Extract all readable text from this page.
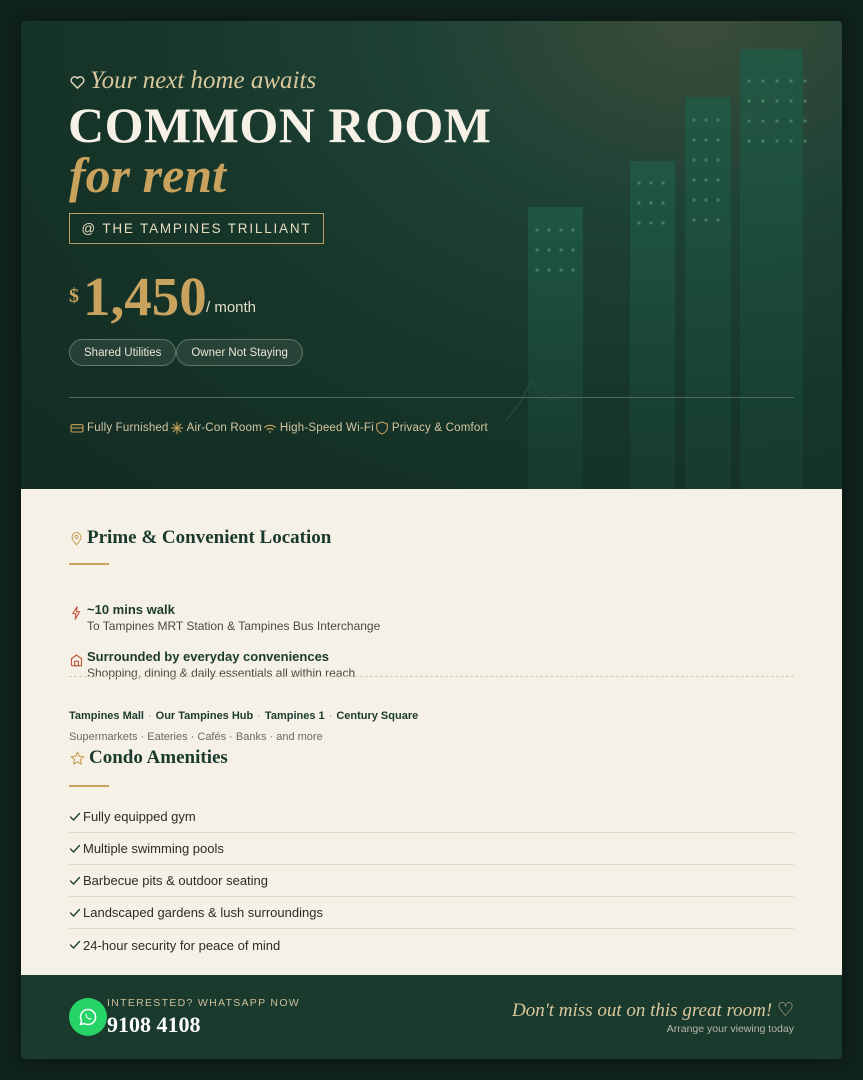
Your next home awaits
COMMON ROOM
for rent
@ THE TAMPINES TRILLIANT
$ 1,450 / month
Shared Utilities	Owner Not Staying
Fully Furnished Air-Con Room High-Speed Wi-Fi Privacy & Comfort
Prime & Convenient Location
~10 mins walk
To Tampines MRT Station & Tampines Bus Interchange
Surrounded by everyday conveniences
Shopping, dining & daily essentials all within reach
Tampines Mall · Our Tampines Hub · Tampines 1 · Century Square
Supermarkets · Eateries · Cafés · Banks · and more
Condo Amenities
Fully equipped gym
Multiple swimming pools
Barbecue pits & outdoor seating
Landscaped gardens & lush surroundings
24-hour security for peace of mind
INTERESTED? WHATSAPP NOW
9108 4108
Don't miss out on this great room! ♡
Arrange your viewing today
